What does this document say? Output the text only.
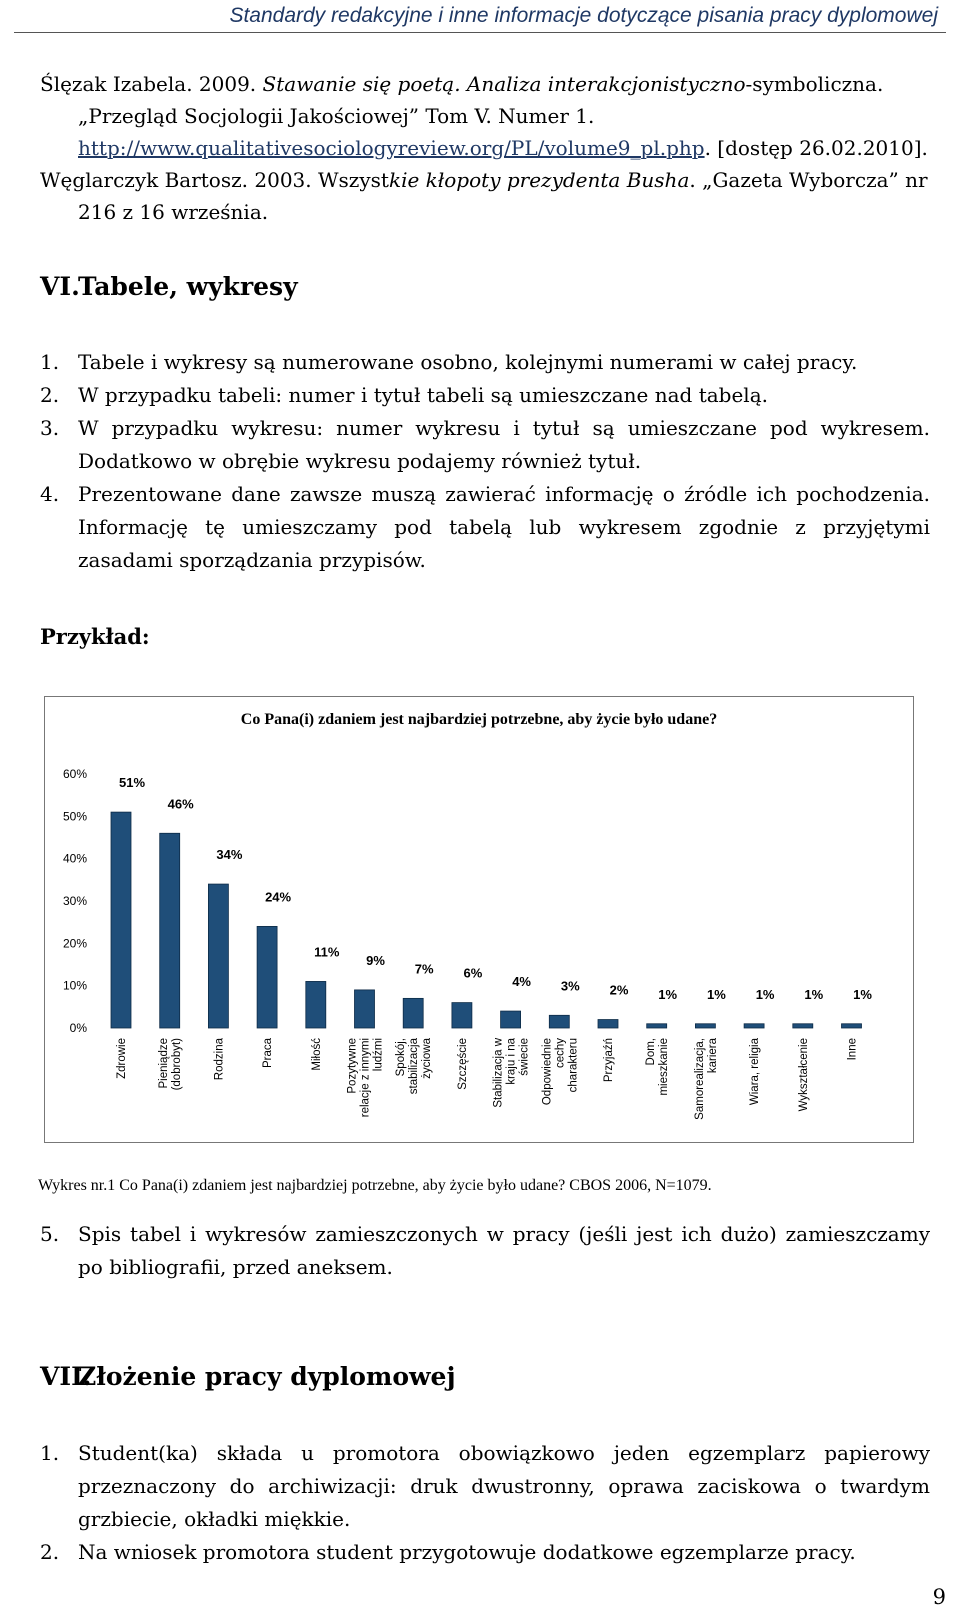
Standardy redakcyjne i inne informacje dotyczące pisania pracy dyplomowej
Ślęzak Izabela. 2009. Stawanie się poetą. Analiza interakcjonistyczno-symboliczna. „Przegląd Socjologii Jakościowej” Tom V. Numer 1. http://www.qualitativesociologyreview.org/PL/volume9_pl.php. [dostęp 26.02.2010].
Węglarczyk Bartosz. 2003. Wszystkie kłopoty prezydenta Busha. „Gazeta Wyborcza” nr 216 z 16 września.
VI.Tabele, wykresy
1. Tabele i wykresy są numerowane osobno, kolejnymi numerami w całej pracy.
2. W przypadku tabeli: numer i tytuł tabeli są umieszczane nad tabelą.
3. W przypadku wykresu: numer wykresu i tytuł są umieszczane pod wykresem. Dodatkowo w obrębie wykresu podajemy również tytuł.
4. Prezentowane dane zawsze muszą zawierać informację o źródle ich pochodzenia. Informację tę umieszczamy pod tabelą lub wykresem zgodnie z przyjętymi zasadami sporządzania przypisów.
Przykład:
Co Pana(i) zdaniem jest najbardziej potrzebne, aby życie było udane?
0%
10%
20%
30%
40%
50%
60%
51%
Zdrowie
46%
Pieniądze(dobrobyt)
34%
Rodzina
24%
Praca
11%
Miłość
9%
Pozytywnerelacje z innymiludźmi
7%
Spokój,stabilizacjażyciowa
6%
Szczęście
4%
Stabilizacja wkraju i naświecie
3%
Odpowiedniecechycharakteru
2%
Przyjaźń
1%
Dom,mieszkanie
1%
Samorealizacja,kariera
1%
Wiara, religia
1%
Wykształcenie
1%
Inne
Wykres nr.1 Co Pana(i) zdaniem jest najbardziej potrzebne, aby życie było udane? CBOS 2006, N=1079.
5. Spis tabel i wykresów zamieszczonych w pracy (jeśli jest ich dużo) zamieszczamy po bibliografii, przed aneksem.
VII.Złożenie pracy dyplomowej
1. Student(ka) składa u promotora obowiązkowo jeden egzemplarz papierowy przeznaczony do archiwizacji: druk dwustronny, oprawa zaciskowa o twardym grzbiecie, okładki miękkie.
2. Na wniosek promotora student przygotowuje dodatkowe egzemplarze pracy.
9
